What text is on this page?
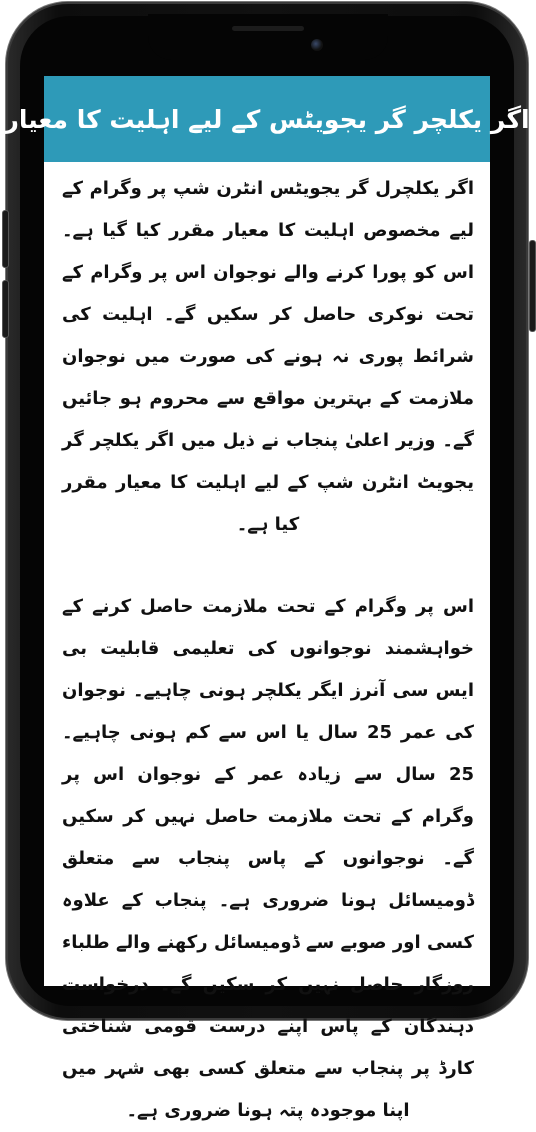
اگر یکلچر گر یجویٹس کے لیے اہلیت کا معیار

اگر یکلچرل گر یجویٹس انٹرن شپ پر وگرام کے لیے مخصوص اہلیت کا معیار مقرر کیا گیا ہے۔ اس کو پورا کرنے والے نوجوان اس پر وگرام کے تحت نوکری حاصل کر سکیں گے۔ اہلیت کی شرائط پوری نہ ہونے کی صورت میں نوجوان ملازمت کے بہترین مواقع سے محروم ہو جائیں گے۔ وزیر اعلیٰ پنجاب نے ذیل میں اگر یکلچر گر یجویٹ انٹرن شپ کے لیے اہلیت کا معیار مقرر کیا ہے۔

اس پر وگرام کے تحت ملازمت حاصل کرنے کے خواہشمند نوجوانوں کی تعلیمی قابلیت بی ایس سی آنرز ایگر یکلچر ہونی چاہیے۔ نوجوان کی عمر 25 سال یا اس سے کم ہونی چاہیے۔ 25 سال سے زیادہ عمر کے نوجوان اس پر وگرام کے تحت ملازمت حاصل نہیں کر سکیں گے۔ نوجوانوں کے پاس پنجاب سے متعلق ڈومیسائل ہونا ضروری ہے۔ پنجاب کے علاوہ کسی اور صوبے سے ڈومیسائل رکھنے والے طلباء روزگار حاصل نہیں کر سکیں گے۔ درخواست دہندگان کے پاس اپنے درست قومی شناختی کارڈ پر پنجاب سے متعلق کسی بھی شہر میں اپنا موجودہ پتہ ہونا ضروری ہے۔
